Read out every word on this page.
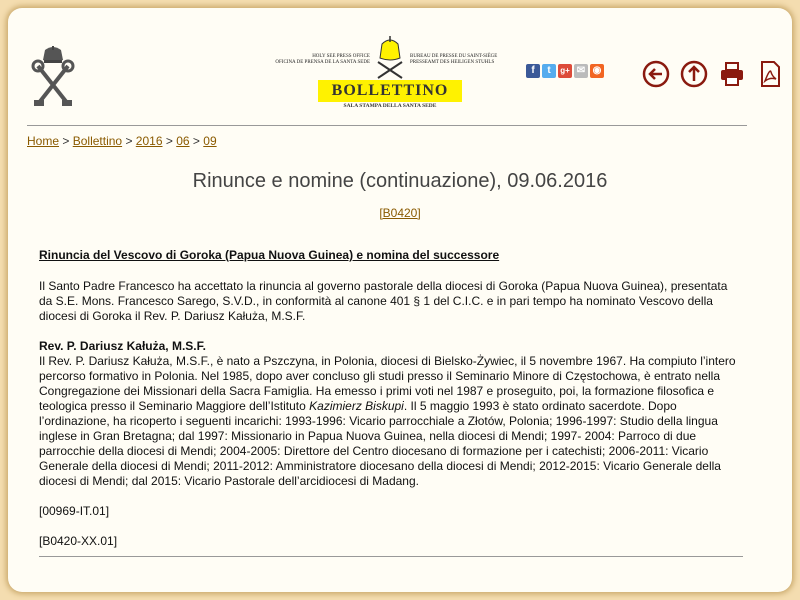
HOLY SEE PRESS OFFICE
OFICINA DE PRENSA DE LA SANTA SEDE
BUREAU DE PRESSE DU SAINT-SIÈGE
PRESSEAMT DES HEILIGEN STUHLS
BOLLETTINO
SALA STAMPA DELLA SANTA SEDE
f	t	g+ ✉ ◉
Home > Bollettino > 2016 > 06 > 09
Rinunce e nomine (continuazione), 09.06.2016
[B0420]
Rinuncia del Vescovo di Goroka (Papua Nuova Guinea) e nomina del successore

Il Santo Padre Francesco ha accettato la rinuncia al governo pastorale della diocesi di Goroka (Papua Nuova Guinea), presentata da S.E. Mons. Francesco Sarego, S.V.D., in conformità al canone 401 § 1 del C.I.C. e in pari tempo ha nominato Vescovo della diocesi di Goroka il Rev. P. Dariusz Kałuża, M.S.F.

Rev. P. Dariusz Kałuża, M.S.F.

Il Rev. P. Dariusz Kałuża, M.S.F., è nato a Pszczyna, in Polonia, diocesi di Bielsko-Żywiec, il 5 novembre 1967. Ha compiuto l’intero percorso formativo in Polonia. Nel 1985, dopo aver concluso gli studi presso il Seminario Minore di Częstochowa, è entrato nella Congregazione dei Missionari della Sacra Famiglia. Ha emesso i primi voti nel 1987 e proseguito, poi, la formazione filosofica e teologica presso il Seminario Maggiore dell’Istituto Kazimierz Biskupi. Il 5 maggio 1993 è stato ordinato sacerdote. Dopo l’ordinazione, ha ricoperto i seguenti incarichi: 1993-1996: Vicario parrocchiale a Złotów, Polonia; 1996-1997: Studio della lingua inglese in Gran Bretagna; dal 1997: Missionario in Papua Nuova Guinea, nella diocesi di Mendi; 1997- 2004: Parroco di due parrocchie della diocesi di Mendi; 2004-2005: Direttore del Centro diocesano di formazione per i catechisti; 2006-2011: Vicario Generale della diocesi di Mendi; 2011-2012: Amministratore diocesano della diocesi di Mendi; 2012-2015: Vicario Generale della diocesi di Mendi; dal 2015: Vicario Pastorale dell’arcidiocesi di Madang.

[00969-IT.01]

[B0420-XX.01]
